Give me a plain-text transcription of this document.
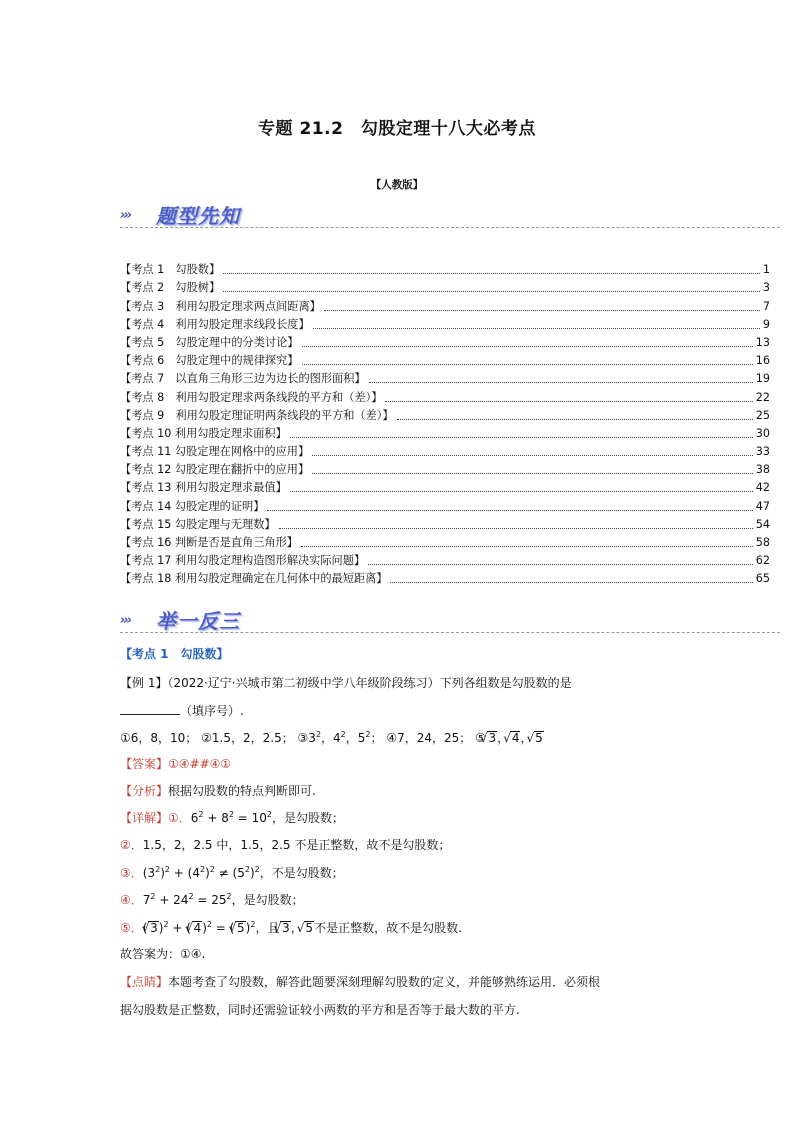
专题 21.2　勾股定理十八大必考点
【人教版】
››› 题型先知
【考点 1　勾股数】	1
【考点 2　勾股树】	3
【考点 3　利用勾股定理求两点间距离】	7
【考点 4　利用勾股定理求线段长度】	9
【考点 5　勾股定理中的分类讨论】	13
【考点 6　勾股定理中的规律探究】	16
【考点 7　以直角三角形三边为边长的图形面积】	19
【考点 8　利用勾股定理求两条线段的平方和（差）】	22
【考点 9　利用勾股定理证明两条线段的平方和（差）】	25
【考点 10 利用勾股定理求面积】	30
【考点 11 勾股定理在网格中的应用】	33
【考点 12 勾股定理在翻折中的应用】	38
【考点 13 利用勾股定理求最值】	42
【考点 14 勾股定理的证明】	47
【考点 15 勾股定理与无理数】	54
【考点 16 判断是否是直角三角形】	58
【考点 17 利用勾股定理构造图形解决实际问题】	62
【考点 18 利用勾股定理确定在几何体中的最短距离】	65
››› 举一反三
【考点 1　勾股数】
【例 1】（2022·辽宁·兴城市第二初级中学八年级阶段练习）下列各组数是勾股数的是
（填序号）.
①6，8，10； ②1.5，2，2.5； $③3^2$，$4^2$，$5^2$； ④7，24，25； ⑤ √ 3， √ 4， √ 5
【答案】①④##④①
【分析】根据勾股数的特点判断即可.
【详解】①．$6^2 + 8^2 = 10^2$，是勾股数；
②．1.5，2，2.5 中，1.5，2.5 不是正整数，故不是勾股数；
③．$(3^2)^2 + (4^2)^2 \ne (5^2)^2$，不是勾股数；
④．$7^2 + 24^2 = 25^2$，是勾股数；
⑤．( √ 3)$^2$ + ( √ 4)$^2$ = ( √ 5)$^2$，且 √ 3， √ 5不是正整数，故不是勾股数.
故答案为：①④.
【点睛】本题考查了勾股数，解答此题要深刻理解勾股数的定义，并能够熟练运用．必须根
据勾股数是正整数，同时还需验证较小两数的平方和是否等于最大数的平方.
